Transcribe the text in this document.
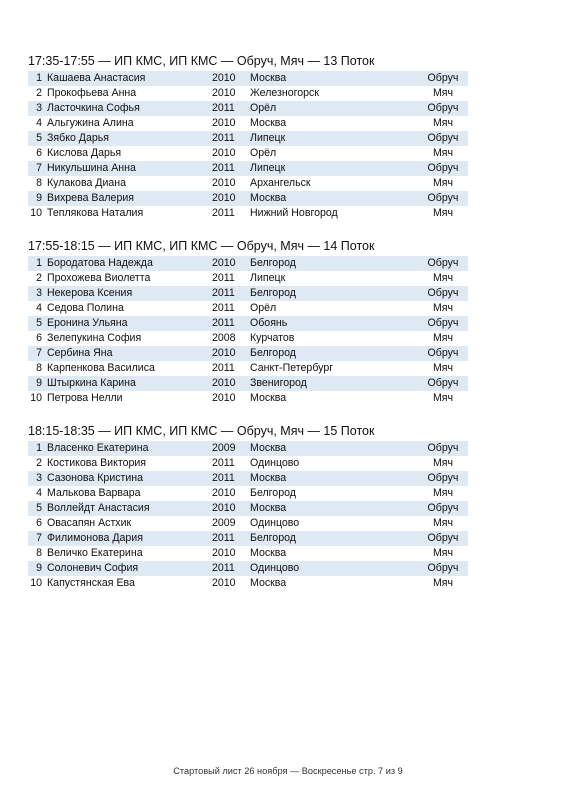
17:35-17:55 — ИП КМС, ИП КМС — Обруч, Мяч — 13 Поток
1 Кашаева Анастасия	2010 Москва	Обруч
2 Прокофьева Анна	2010 Железногорск	Мяч
3 Ласточкина Софья	2011 Орёл	Обруч
4 Альгужина Алина	2010 Москва	Мяч
5 Зябко Дарья	2011 Липецк	Обруч
6 Кислова Дарья	2010 Орёл	Мяч
7 Никульшина Анна	2011 Липецк	Обруч
8 Кулакова Диана	2010 Архангельск	Мяч
9 Вихрева Валерия	2010 Москва	Обруч
10 Теплякова Наталия	2011 Нижний Новгород	Мяч
17:55-18:15 — ИП КМС, ИП КМС — Обруч, Мяч — 14 Поток
1 Бородатова Надежда	2010 Белгород	Обруч
2 Прохожева Виолетта	2011 Липецк	Мяч
3 Некерова Ксения	2011 Белгород	Обруч
4 Седова Полина	2011 Орёл	Мяч
5 Еронина Ульяна	2011 Обоянь	Обруч
6 Зелепукина София	2008 Курчатов	Мяч
7 Сербина Яна	2010 Белгород	Обруч
8 Карпенкова Василиса	2011 Санкт-Петербург	Мяч
9 Штыркина Карина	2010 Звенигород	Обруч
10 Петрова Нелли	2010 Москва	Мяч
18:15-18:35 — ИП КМС, ИП КМС — Обруч, Мяч — 15 Поток
1 Власенко Екатерина	2009 Москва	Обруч
2 Костикова Виктория	2011 Одинцово	Мяч
3 Сазонова Кристина	2011 Москва	Обруч
4 Малькова Варвара	2010 Белгород	Мяч
5 Воллейдт Анастасия	2010 Москва	Обруч
6 Овасапян Астхик	2009 Одинцово	Мяч
7 Филимонова Дария	2011 Белгород	Обруч
8 Величко Екатерина	2010 Москва	Мяч
9 Солоневич София	2011 Одинцово	Обруч
10 Капустянская Ева	2010 Москва	Мяч
Стартовый лист 26 ноября — Воскресенье стр. 7 из 9
